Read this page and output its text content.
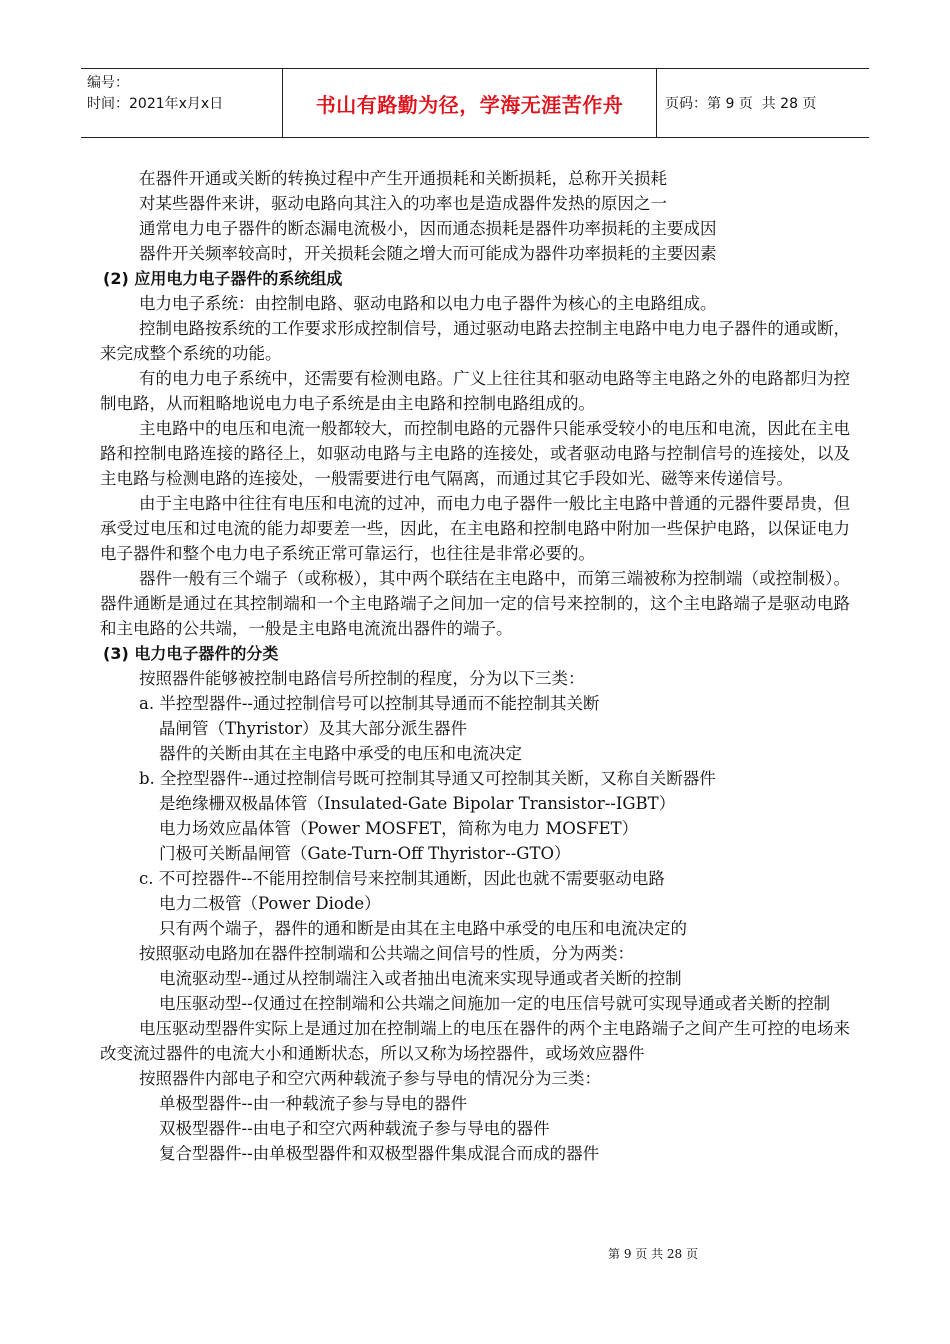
编号：
时间：2021年x月x日	书山有路勤为径，学海无涯苦作舟	页码：第 9 页  共 28 页

在器件开通或关断的转换过程中产生开通损耗和关断损耗，总称开关损耗

对某些器件来讲，驱动电路向其注入的功率也是造成器件发热的原因之一

通常电力电子器件的断态漏电流极小，因而通态损耗是器件功率损耗的主要成因

器件开关频率较高时，开关损耗会随之增大而可能成为器件功率损耗的主要因素

(2) 应用电力电子器件的系统组成

电力电子系统：由控制电路、驱动电路和以电力电子器件为核心的主电路组成。

控制电路按系统的工作要求形成控制信号，通过驱动电路去控制主电路中电力电子器件的通或断，来完成整个系统的功能。

有的电力电子系统中，还需要有检测电路。广义上往往其和驱动电路等主电路之外的电路都归为控制电路，从而粗略地说电力电子系统是由主电路和控制电路组成的。

主电路中的电压和电流一般都较大，而控制电路的元器件只能承受较小的电压和电流，因此在主电路和控制电路连接的路径上，如驱动电路与主电路的连接处，或者驱动电路与控制信号的连接处，以及主电路与检测电路的连接处，一般需要进行电气隔离，而通过其它手段如光、磁等来传递信号。

由于主电路中往往有电压和电流的过冲，而电力电子器件一般比主电路中普通的元器件要昂贵，但承受过电压和过电流的能力却要差一些，因此，在主电路和控制电路中附加一些保护电路，以保证电力电子器件和整个电力电子系统正常可靠运行，也往往是非常必要的。

器件一般有三个端子（或称极），其中两个联结在主电路中，而第三端被称为控制端（或控制极）。器件通断是通过在其控制端和一个主电路端子之间加一定的信号来控制的，这个主电路端子是驱动电路和主电路的公共端，一般是主电路电流流出器件的端子。

(3) 电力电子器件的分类

按照器件能够被控制电路信号所控制的程度，分为以下三类：

a. 半控型器件--通过控制信号可以控制其导通而不能控制其关断

晶闸管（Thyristor）及其大部分派生器件

器件的关断由其在主电路中承受的电压和电流决定

b. 全控型器件--通过控制信号既可控制其导通又可控制其关断，又称自关断器件

是绝缘栅双极晶体管（Insulated-Gate Bipolar Transistor--IGBT）

电力场效应晶体管（Power MOSFET，简称为电力 MOSFET）

门极可关断晶闸管（Gate-Turn-Off Thyristor--GTO）

c. 不可控器件--不能用控制信号来控制其通断，因此也就不需要驱动电路

电力二极管（Power Diode）

只有两个端子，器件的通和断是由其在主电路中承受的电压和电流决定的

按照驱动电路加在器件控制端和公共端之间信号的性质，分为两类：

电流驱动型--通过从控制端注入或者抽出电流来实现导通或者关断的控制

电压驱动型--仅通过在控制端和公共端之间施加一定的电压信号就可实现导通或者关断的控制

电压驱动型器件实际上是通过加在控制端上的电压在器件的两个主电路端子之间产生可控的电场来改变流过器件的电流大小和通断状态，所以又称为场控器件，或场效应器件

按照器件内部电子和空穴两种载流子参与导电的情况分为三类：

单极型器件--由一种载流子参与导电的器件

双极型器件--由电子和空穴两种载流子参与导电的器件

复合型器件--由单极型器件和双极型器件集成混合而成的器件

第 9 页 共 28 页
